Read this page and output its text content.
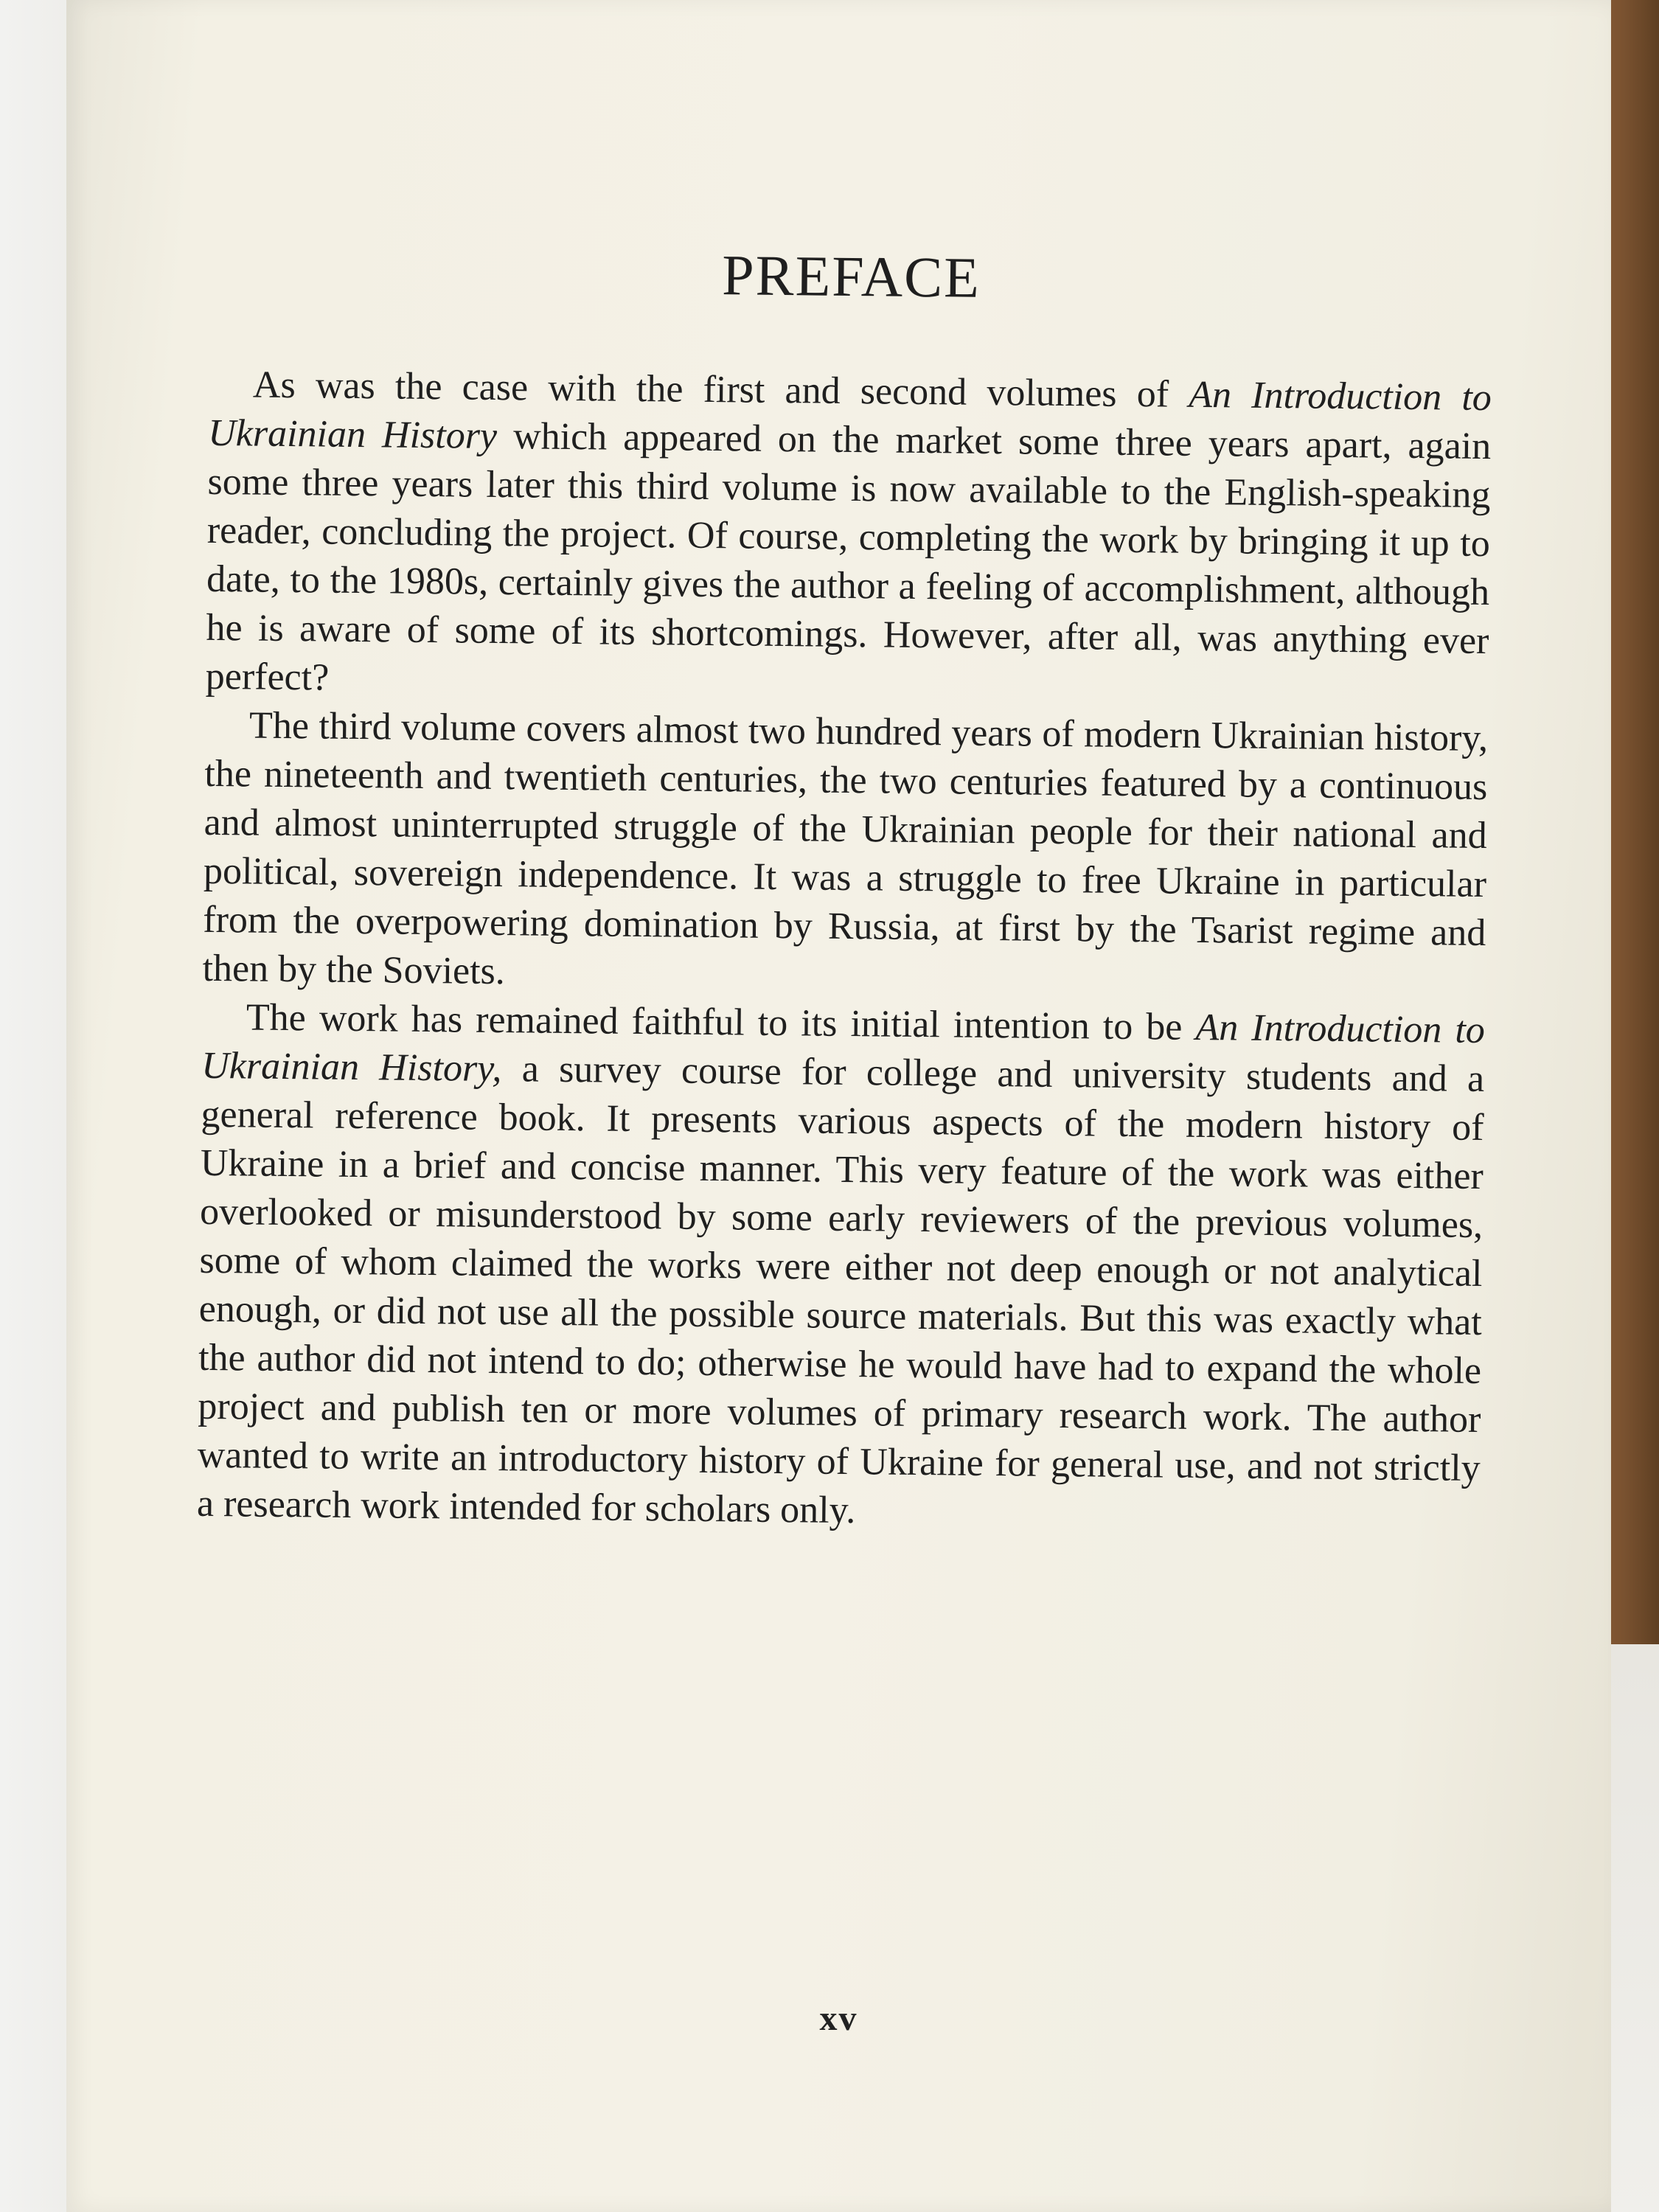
PREFACE

As was the case with the first and second volumes of An Introduction to Ukrainian History which appeared on the market some three years apart, again some three years later this third volume is now available to the English-speaking reader, concluding the project. Of course, completing the work by bringing it up to date, to the 1980s, certainly gives the author a feeling of accomplishment, although he is aware of some of its shortcomings. However, after all, was anything ever perfect?

The third volume covers almost two hundred years of modern Ukrainian history, the nineteenth and twentieth centuries, the two centuries featured by a continuous and almost uninterrupted struggle of the Ukrainian people for their national and political, sovereign independence. It was a struggle to free Ukraine in particular from the overpowering domination by Russia, at first by the Tsarist regime and then by the Soviets.

The work has remained faithful to its initial intention to be An Introduction to Ukrainian History, a survey course for college and university students and a general reference book. It presents various aspects of the modern history of Ukraine in a brief and concise manner. This very feature of the work was either overlooked or misunderstood by some early reviewers of the previous volumes, some of whom claimed the works were either not deep enough or not analytical enough, or did not use all the possible source materials. But this was exactly what the author did not intend to do; otherwise he would have had to expand the whole project and publish ten or more volumes of primary research work. The author wanted to write an introductory history of Ukraine for general use, and not strictly a research work intended for scholars only.

xv
